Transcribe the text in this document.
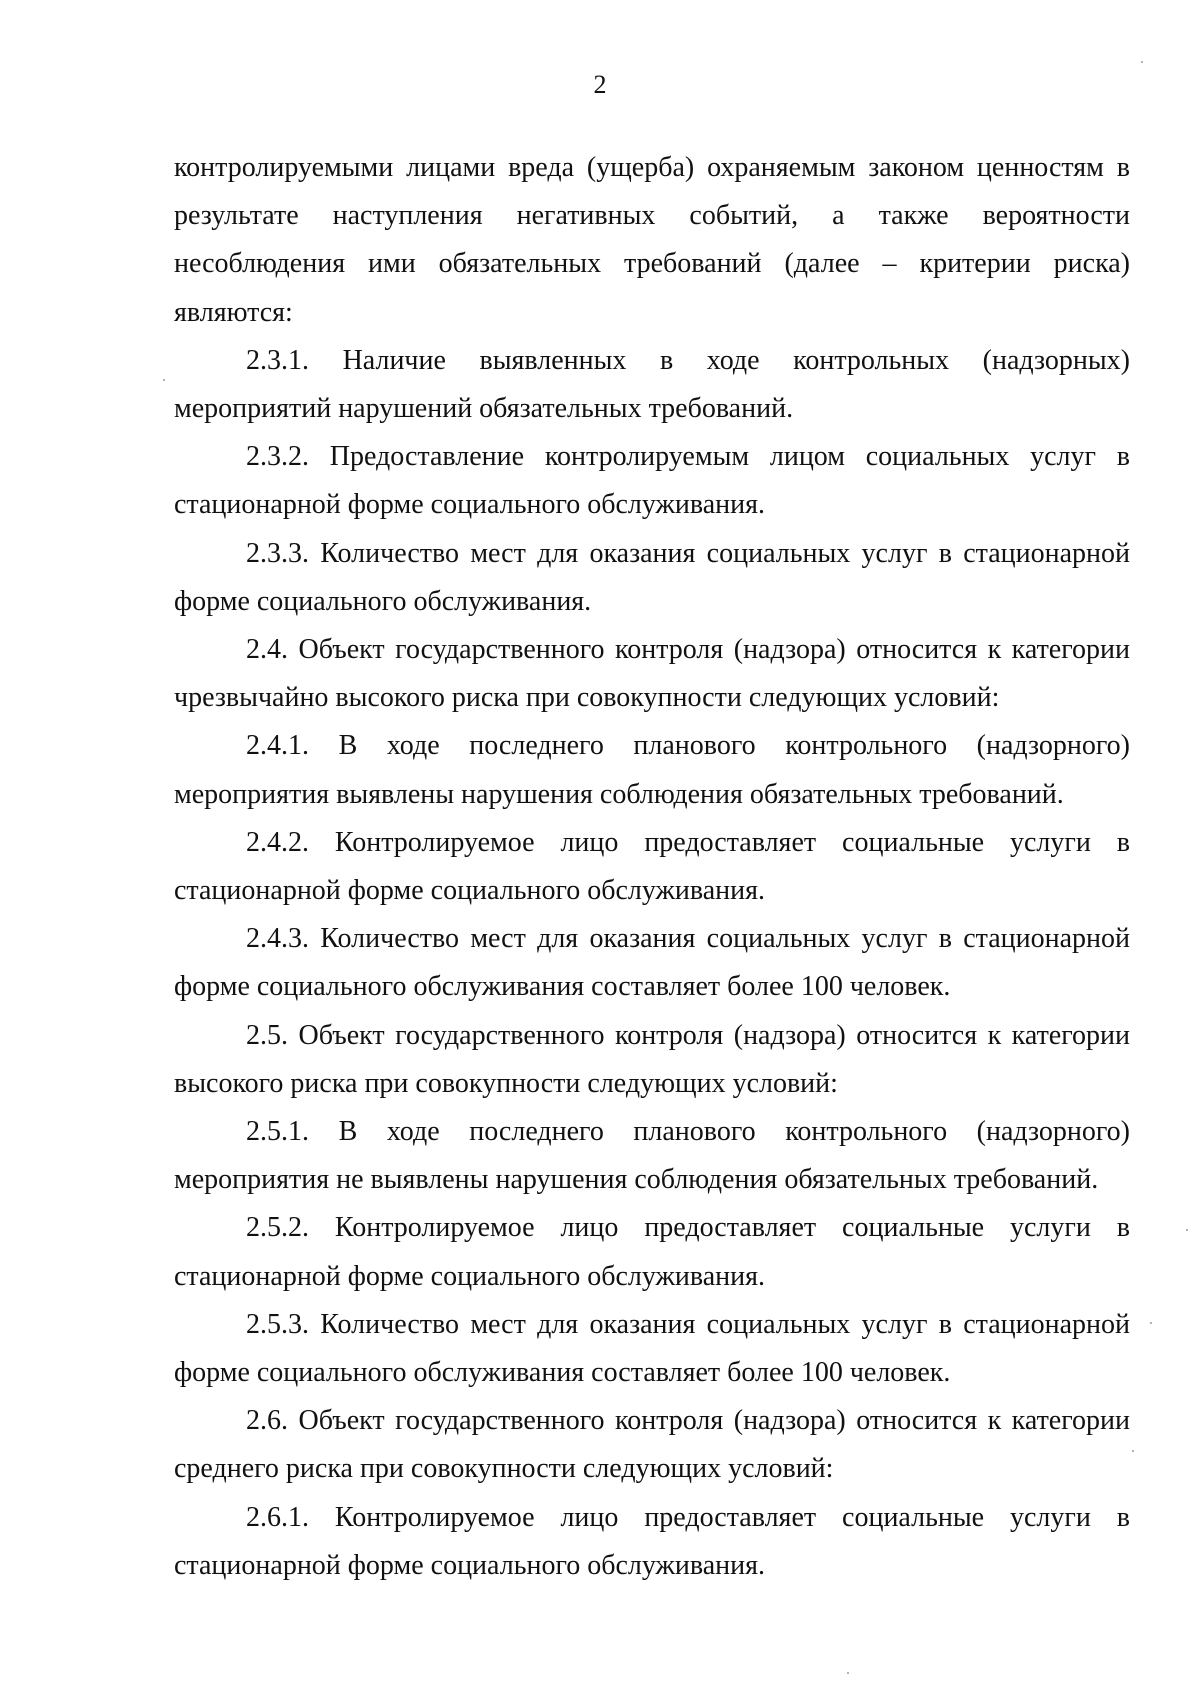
2

контролируемыми лицами вреда (ущерба) охраняемым законом ценностям в результате наступления негативных событий, а также вероятности несоблюдения ими обязательных требований (далее – критерии риска) являются:

2.3.1. Наличие выявленных в ходе контрольных (надзорных) мероприятий нарушений обязательных требований.

2.3.2. Предоставление контролируемым лицом социальных услуг в стационарной форме социального обслуживания.

2.3.3. Количество мест для оказания социальных услуг в стационарной форме социального обслуживания.

2.4. Объект государственного контроля (надзора) относится к категории чрезвычайно высокого риска при совокупности следующих условий:

2.4.1. В ходе последнего планового контрольного (надзорного) мероприятия выявлены нарушения соблюдения обязательных требований.

2.4.2. Контролируемое лицо предоставляет социальные услуги в стационарной форме социального обслуживания.

2.4.3. Количество мест для оказания социальных услуг в стационарной форме социального обслуживания составляет более 100 человек.

2.5. Объект государственного контроля (надзора) относится к категории высокого риска при совокупности следующих условий:

2.5.1. В ходе последнего планового контрольного (надзорного) мероприятия не выявлены нарушения соблюдения обязательных требований.

2.5.2. Контролируемое лицо предоставляет социальные услуги в стационарной форме социального обслуживания.

2.5.3. Количество мест для оказания социальных услуг в стационарной форме социального обслуживания составляет более 100 человек.

2.6. Объект государственного контроля (надзора) относится к категории среднего риска при совокупности следующих условий:

2.6.1. Контролируемое лицо предоставляет социальные услуги в стационарной форме социального обслуживания.
